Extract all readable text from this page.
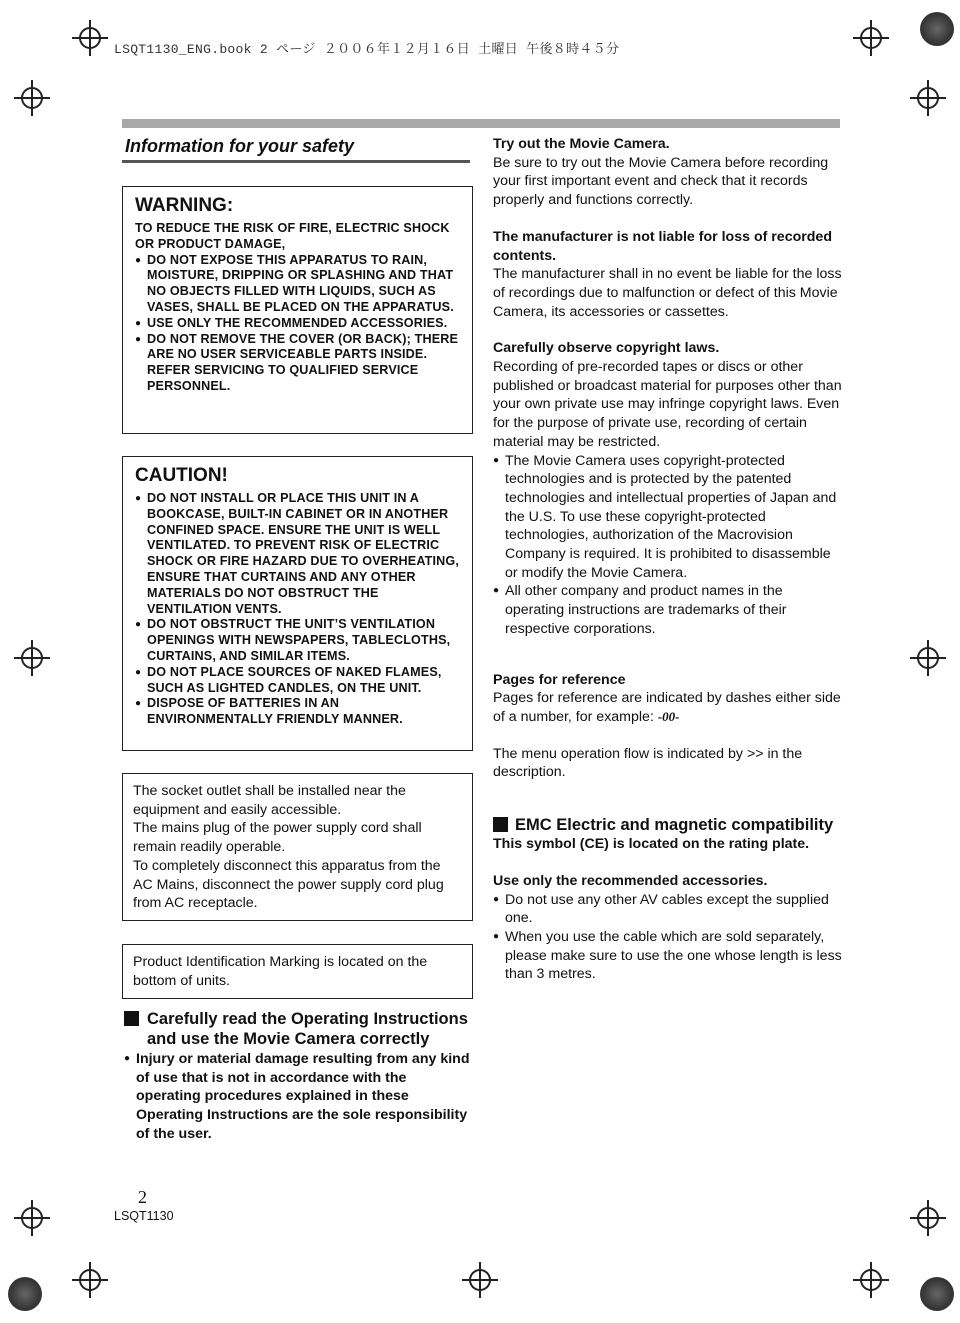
LSQT1130_ENG.book 2 ページ ２００６年１２月１６日 土曜日 午後８時４５分
Information for your safety
WARNING:

TO REDUCE THE RISK OF FIRE, ELECTRIC SHOCK OR PRODUCT DAMAGE,

● DO NOT EXPOSE THIS APPARATUS TO RAIN, MOISTURE, DRIPPING OR SPLASHING AND THAT NO OBJECTS FILLED WITH LIQUIDS, SUCH AS VASES, SHALL BE PLACED ON THE APPARATUS.

● USE ONLY THE RECOMMENDED ACCESSORIES.

● DO NOT REMOVE THE COVER (OR BACK); THERE ARE NO USER SERVICEABLE PARTS INSIDE. REFER SERVICING TO QUALIFIED SERVICE PERSONNEL.

CAUTION!

● DO NOT INSTALL OR PLACE THIS UNIT IN A BOOKCASE, BUILT-IN CABINET OR IN ANOTHER CONFINED SPACE. ENSURE THE UNIT IS WELL VENTILATED. TO PREVENT RISK OF ELECTRIC SHOCK OR FIRE HAZARD DUE TO OVERHEATING, ENSURE THAT CURTAINS AND ANY OTHER MATERIALS DO NOT OBSTRUCT THE VENTILATION VENTS.

● DO NOT OBSTRUCT THE UNIT’S VENTILATION OPENINGS WITH NEWSPAPERS, TABLECLOTHS, CURTAINS, AND SIMILAR ITEMS.

● DO NOT PLACE SOURCES OF NAKED FLAMES, SUCH AS LIGHTED CANDLES, ON THE UNIT.

● DISPOSE OF BATTERIES IN AN ENVIRONMENTALLY FRIENDLY MANNER.

The socket outlet shall be installed near the equipment and easily accessible.

The mains plug of the power supply cord shall remain readily operable.

To completely disconnect this apparatus from the AC Mains, disconnect the power supply cord plug from AC receptacle.

Product Identification Marking is located on the bottom of units.

Carefully read the Operating Instructions and use the Movie Camera correctly
● Injury or material damage resulting from any kind of use that is not in accordance with the operating procedures explained in these Operating Instructions are the sole responsibility of the user.
2
LSQT1130

Try out the Movie Camera.

Be sure to try out the Movie Camera before recording your first important event and check that it records properly and functions correctly.

The manufacturer is not liable for loss of recorded contents.

The manufacturer shall in no event be liable for the loss of recordings due to malfunction or defect of this Movie Camera, its accessories or cassettes.

Carefully observe copyright laws.

Recording of pre-recorded tapes or discs or other published or broadcast material for purposes other than your own private use may infringe copyright laws. Even for the purpose of private use, recording of certain material may be restricted.

● The Movie Camera uses copyright-protected technologies and is protected by the patented technologies and intellectual properties of Japan and the U.S. To use these copyright-protected technologies, authorization of the Macrovision Company is required. It is prohibited to disassemble or modify the Movie Camera.

● All other company and product names in the operating instructions are trademarks of their respective corporations.

Pages for reference

Pages for reference are indicated by dashes either side of a number, for example: -00-

The menu operation flow is indicated by >> in the description.

EMC Electric and magnetic compatibility

This symbol (CE) is located on the rating plate.

Use only the recommended accessories.

● Do not use any other AV cables except the supplied one.

● When you use the cable which are sold separately, please make sure to use the one whose length is less than 3 metres.
